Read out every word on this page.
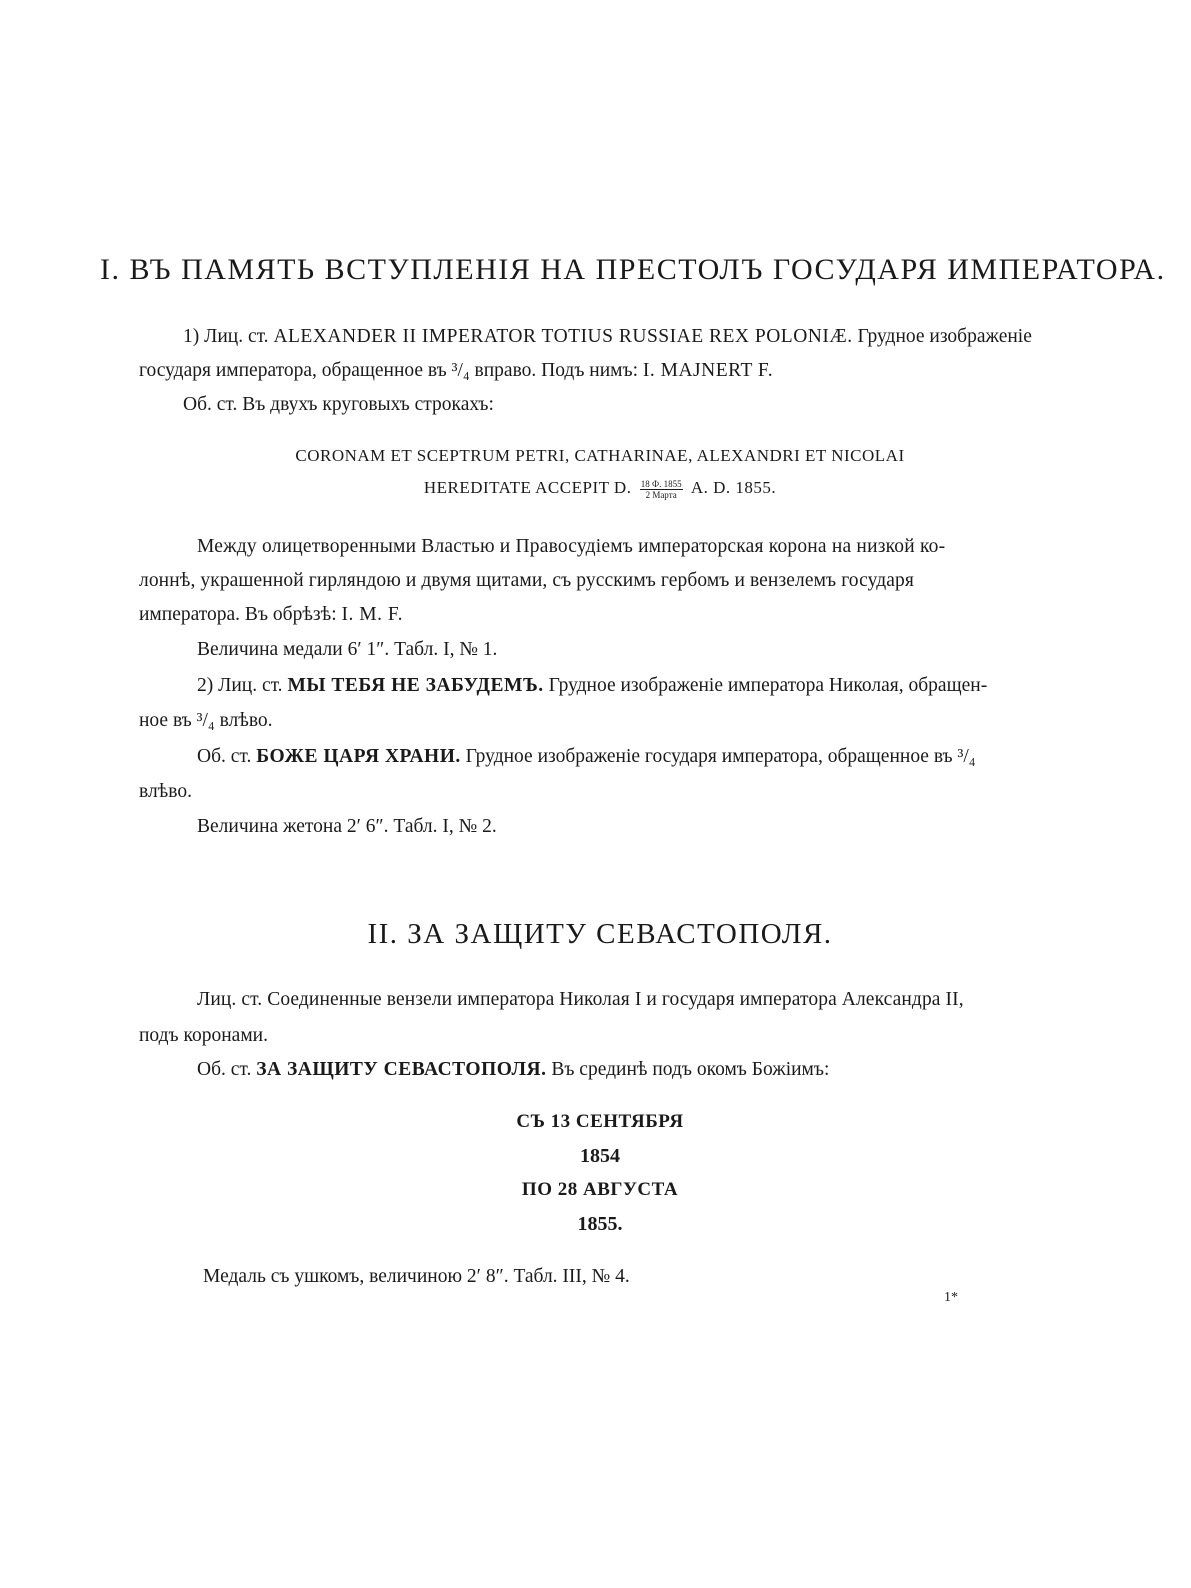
I. ВЪ ПАМЯТЬ ВСТУПЛЕНІЯ НА ПРЕСТОЛЪ ГОСУДАРЯ ИМПЕРАТОРА.
1) Лиц. ст. ALEXANDER II IMPERATOR TOTIUS RUSSIAE REX POLONIÆ. Грудное изображеніе
государя императора, обращенное въ ³/₄ вправо. Подъ нимъ: I. MAJNERT F.
Об. ст. Въ двухъ круговыхъ строкахъ:
CORONAM ET SCEPTRUM PETRI, CATHARINAE, ALEXANDRI ET NICOLAI
HEREDITATE ACCEPIT D. $\frac{18 Ф. 1855}{\text{2 Марта}} A$. D. 1855.
Между олицетворенными Властью и Правосудіемъ императорская корона на низкой ко-
лоннѣ, украшенной гирляндою и двумя щитами, съ русскимъ гербомъ и вензелемъ государя
императора. Въ обрѣзѣ: I. M. F.
Величина медали 6′ 1″. Табл. I, № 1.
2) Лиц. ст. МЫ ТЕБЯ НЕ ЗАБУДЕМЪ. Грудное изображеніе императора Николая, обращен-
ное въ ³/₄ влѣво.
Об. ст. БОЖЕ ЦАРЯ ХРАНИ. Грудное изображеніе государя императора, обращенное въ ³/₄
влѣво.
Величина жетона 2′ 6″. Табл. I, № 2.
II. ЗА ЗАЩИТУ СЕВАСТОПОЛЯ.
Лиц. ст. Соединенные вензели императора Николая I и государя императора Александра II,
подъ коронами.
Об. ст. ЗА ЗАЩИТУ СЕВАСТОПОЛЯ. Въ срединѣ подъ окомъ Божіимъ:
СЪ 13 СЕНТЯБРЯ
1854
ПО 28 АВГУСТА
1855.
Медаль съ ушкомъ, величиною 2′ 8″. Табл. III, № 4.
1*
